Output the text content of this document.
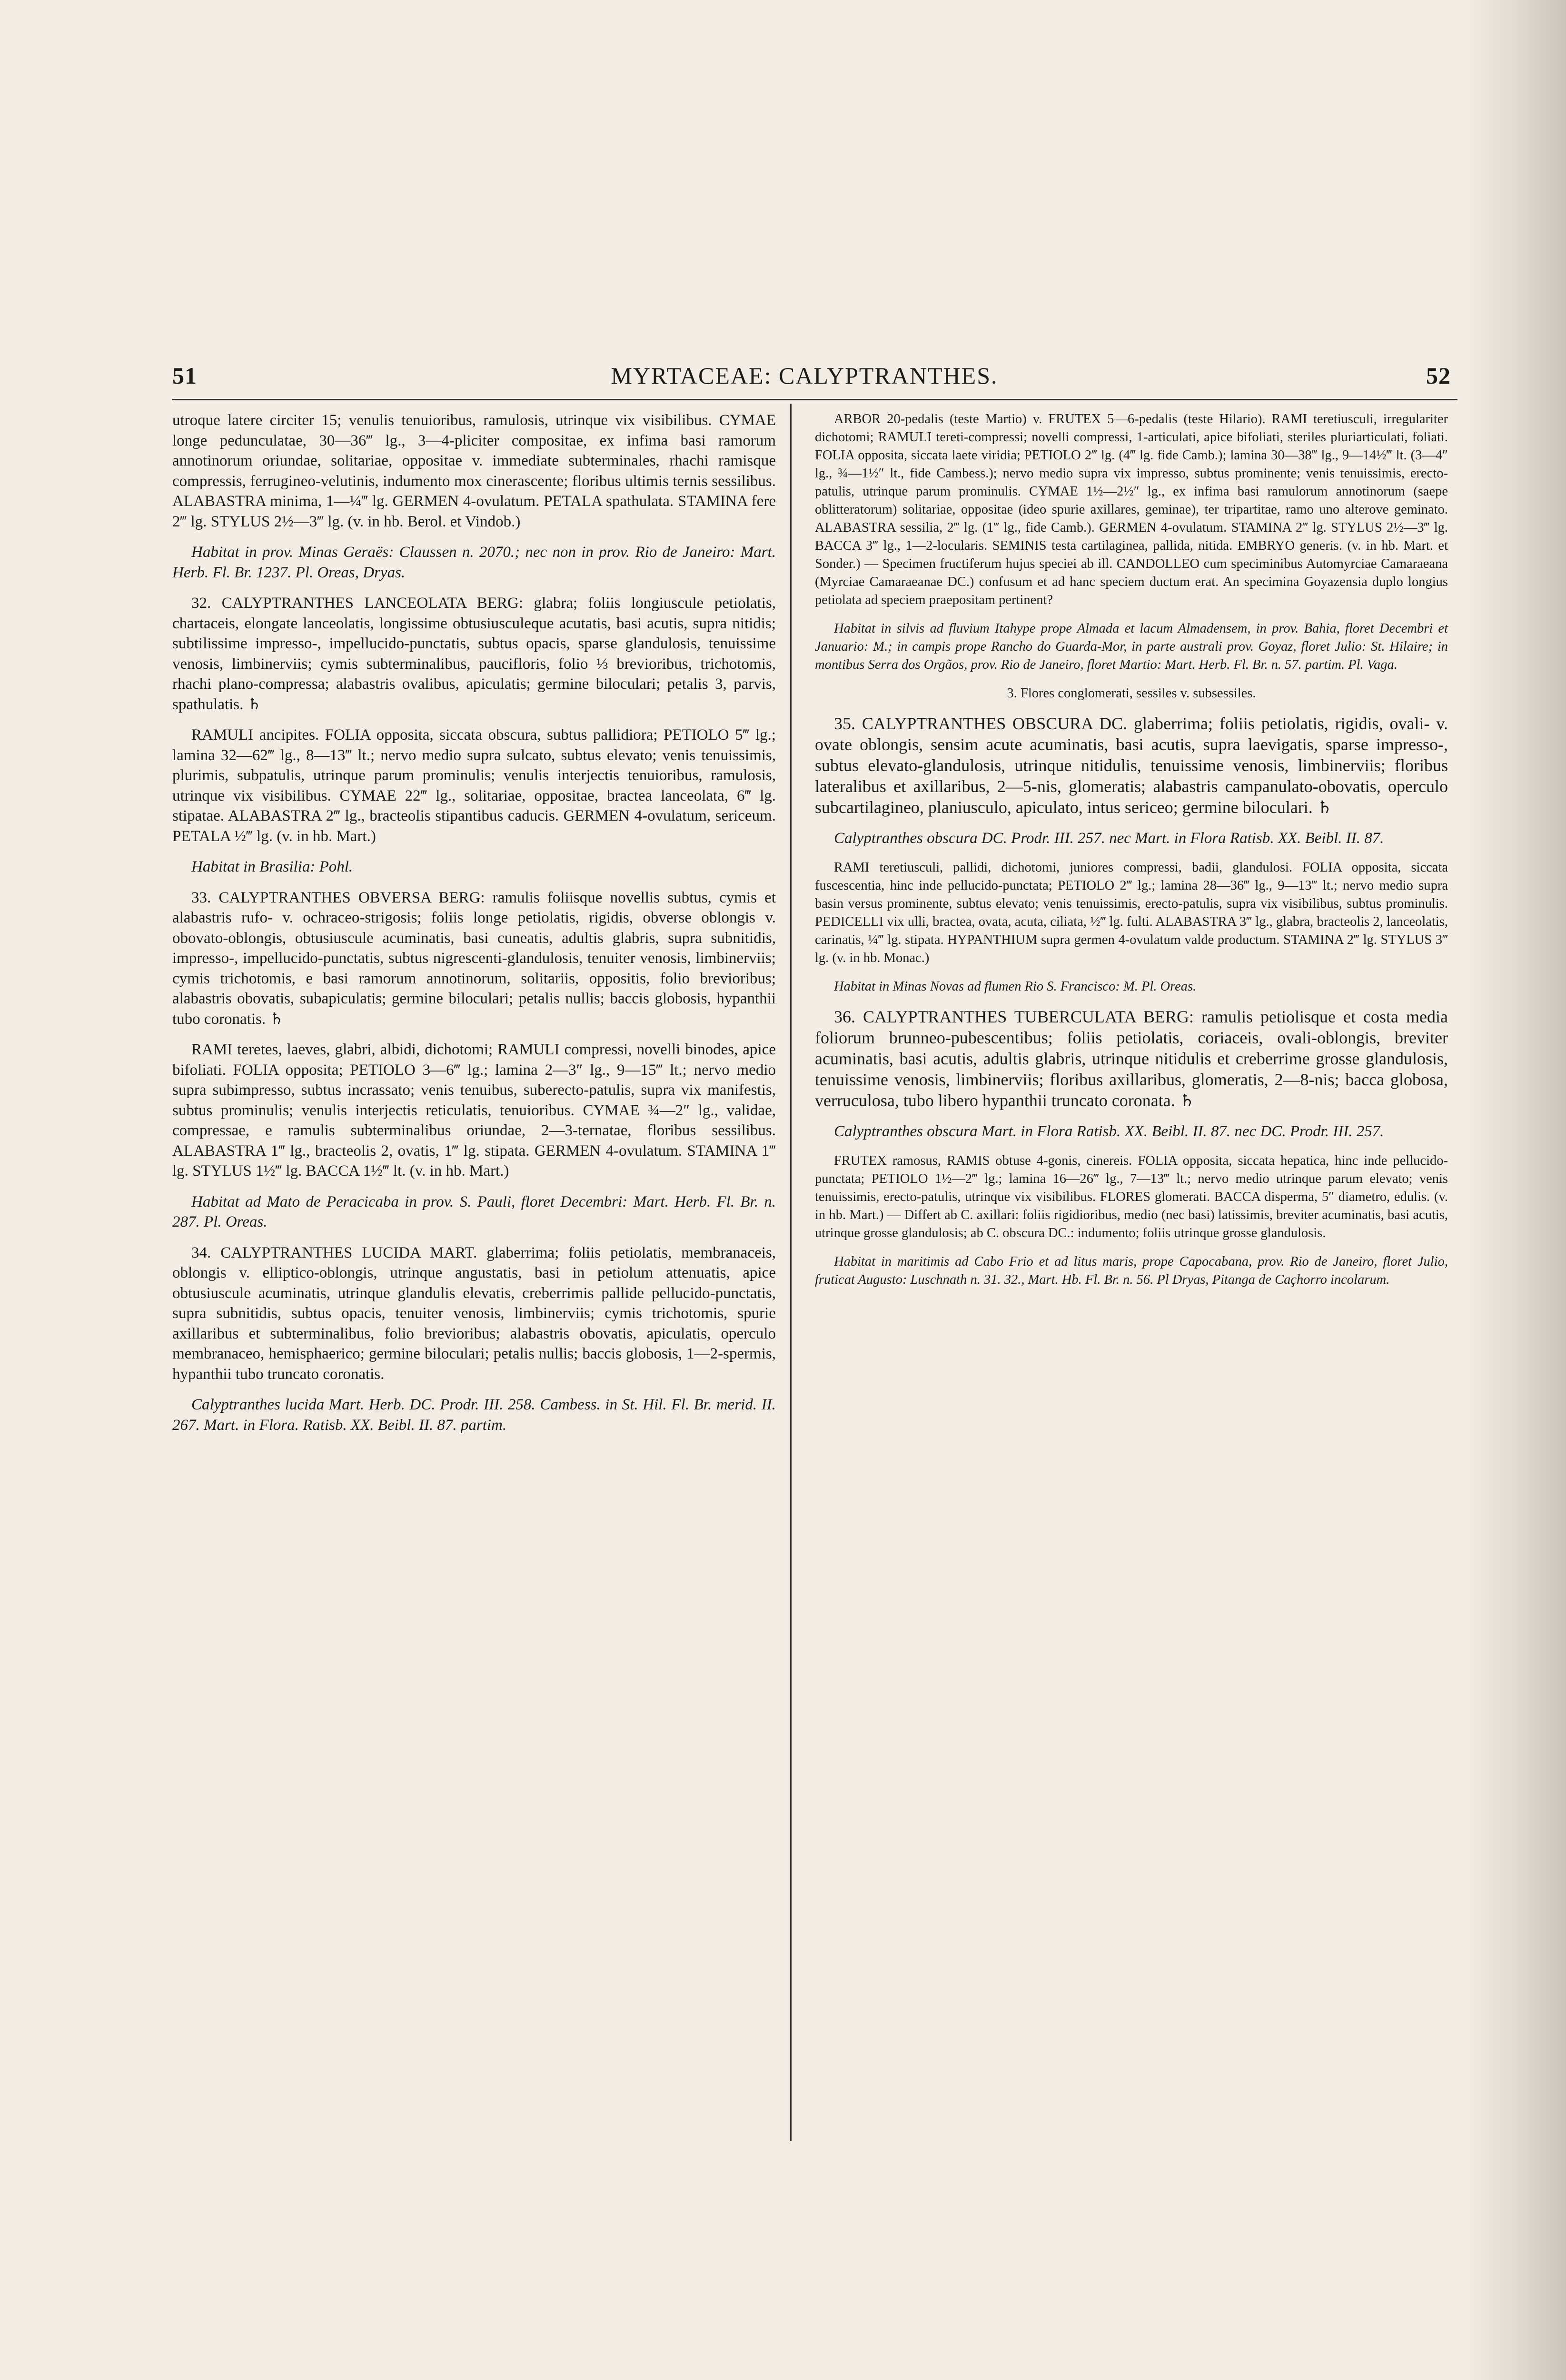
51	MYRTACEAE: CALYPTRANTHES.	52

utroque latere circiter 15; venulis tenuioribus, ramulosis, utrinque vix visibilibus. CYMAE longe pedunculatae, 30—36‴ lg., 3—4-pliciter compositae, ex infima basi ramorum annotinorum oriundae, solitariae, oppositae v. immediate subterminales, rhachi ramisque compressis, ferrugineo-velutinis, indumento mox cinerascente; floribus ultimis ternis sessilibus. ALABASTRA minima, 1—¼‴ lg. GERMEN 4-ovulatum. PETALA spathulata. STAMINA fere 2‴ lg. STYLUS 2½—3‴ lg. (v. in hb. Berol. et Vindob.)

Habitat in prov. Minas Geraës: Claussen n. 2070.; nec non in prov. Rio de Janeiro: Mart. Herb. Fl. Br. 1237. Pl. Oreas, Dryas.

32. CALYPTRANTHES LANCEOLATA BERG: glabra; foliis longiuscule petiolatis, chartaceis, elongate lanceolatis, longissime obtusiusculeque acutatis, basi acutis, supra nitidis; subtilissime impresso-, impellucido-punctatis, subtus opacis, sparse glandulosis, tenuissime venosis, limbinerviis; cymis subterminalibus, paucifloris, folio ⅓ brevioribus, trichotomis, rhachi plano-compressa; alabastris ovalibus, apiculatis; germine biloculari; petalis 3, parvis, spathulatis. ♄

RAMULI ancipites. FOLIA opposita, siccata obscura, subtus pallidiora; PETIOLO 5‴ lg.; lamina 32—62‴ lg., 8—13‴ lt.; nervo medio supra sulcato, subtus elevato; venis tenuissimis, plurimis, subpatulis, utrinque parum prominulis; venulis interjectis tenuioribus, ramulosis, utrinque vix visibilibus. CYMAE 22‴ lg., solitariae, oppositae, bractea lanceolata, 6‴ lg. stipatae. ALABASTRA 2‴ lg., bracteolis stipantibus caducis. GERMEN 4-ovulatum, sericeum. PETALA ½‴ lg. (v. in hb. Mart.)

Habitat in Brasilia: Pohl.

33. CALYPTRANTHES OBVERSA BERG: ramulis foliisque novellis subtus, cymis et alabastris rufo- v. ochraceo-strigosis; foliis longe petiolatis, rigidis, obverse oblongis v. obovato-oblongis, obtusiuscule acuminatis, basi cuneatis, adultis glabris, supra subnitidis, impresso-, impellucido-punctatis, subtus nigrescenti-glandulosis, tenuiter venosis, limbinerviis; cymis trichotomis, e basi ramorum annotinorum, solitariis, oppositis, folio brevioribus; alabastris obovatis, subapiculatis; germine biloculari; petalis nullis; baccis globosis, hypanthii tubo coronatis. ♄

RAMI teretes, laeves, glabri, albidi, dichotomi; RAMULI compressi, novelli binodes, apice bifoliati. FOLIA opposita; PETIOLO 3—6‴ lg.; lamina 2—3″ lg., 9—15‴ lt.; nervo medio supra subimpresso, subtus incrassato; venis tenuibus, suberecto-patulis, supra vix manifestis, subtus prominulis; venulis interjectis reticulatis, tenuioribus. CYMAE ¾—2″ lg., validae, compressae, e ramulis subterminalibus oriundae, 2—3-ternatae, floribus sessilibus. ALABASTRA 1‴ lg., bracteolis 2, ovatis, 1‴ lg. stipata. GERMEN 4-ovulatum. STAMINA 1‴ lg. STYLUS 1½‴ lg. BACCA 1½‴ lt. (v. in hb. Mart.)

Habitat ad Mato de Peracicaba in prov. S. Pauli, floret Decembri: Mart. Herb. Fl. Br. n. 287. Pl. Oreas.

34. CALYPTRANTHES LUCIDA MART. glaberrima; foliis petiolatis, membranaceis, oblongis v. elliptico-oblongis, utrinque angustatis, basi in petiolum attenuatis, apice obtusiuscule acuminatis, utrinque glandulis elevatis, creberrimis pallide pellucido-punctatis, supra subnitidis, subtus opacis, tenuiter venosis, limbinerviis; cymis trichotomis, spurie axillaribus et subterminalibus, folio brevioribus; alabastris obovatis, apiculatis, operculo membranaceo, hemisphaerico; germine biloculari; petalis nullis; baccis globosis, 1—2-spermis, hypanthii tubo truncato coronatis.

Calyptranthes lucida Mart. Herb. DC. Prodr. III. 258. Cambess. in St. Hil. Fl. Br. merid. II. 267. Mart. in Flora. Ratisb. XX. Beibl. II. 87. partim.

ARBOR 20-pedalis (teste Martio) v. FRUTEX 5—6-pedalis (teste Hilario). RAMI teretiusculi, irregulariter dichotomi; RAMULI tereti-compressi; novelli compressi, 1-articulati, apice bifoliati, steriles pluriarticulati, foliati. FOLIA opposita, siccata laete viridia; PETIOLO 2‴ lg. (4‴ lg. fide Camb.); lamina 30—38‴ lg., 9—14½‴ lt. (3—4″ lg., ¾—1½″ lt., fide Cambess.); nervo medio supra vix impresso, subtus prominente; venis tenuissimis, erecto-patulis, utrinque parum prominulis. CYMAE 1½—2½″ lg., ex infima basi ramulorum annotinorum (saepe oblitteratorum) solitariae, oppositae (ideo spurie axillares, geminae), ter tripartitae, ramo uno alterove geminato. ALABASTRA sessilia, 2‴ lg. (1‴ lg., fide Camb.). GERMEN 4-ovulatum. STAMINA 2‴ lg. STYLUS 2½—3‴ lg. BACCA 3‴ lg., 1—2-locularis. SEMINIS testa cartilaginea, pallida, nitida. EMBRYO generis. (v. in hb. Mart. et Sonder.) — Specimen fructiferum hujus speciei ab ill. CANDOLLEO cum speciminibus Automyrciae Camaraeana (Myrciae Camaraeanae DC.) confusum et ad hanc speciem ductum erat. An specimina Goyazensia duplo longius petiolata ad speciem praepositam pertinent?

Habitat in silvis ad fluvium Itahype prope Almada et lacum Almadensem, in prov. Bahia, floret Decembri et Januario: M.; in campis prope Rancho do Guarda-Mor, in parte australi prov. Goyaz, floret Julio: St. Hilaire; in montibus Serra dos Orgãos, prov. Rio de Janeiro, floret Martio: Mart. Herb. Fl. Br. n. 57. partim. Pl. Vaga.

3. Flores conglomerati, sessiles v. subsessiles.

35. CALYPTRANTHES OBSCURA DC. glaberrima; foliis petiolatis, rigidis, ovali- v. ovate oblongis, sensim acute acuminatis, basi acutis, supra laevigatis, sparse impresso-, subtus elevato-glandulosis, utrinque nitidulis, tenuissime venosis, limbinerviis; floribus lateralibus et axillaribus, 2—5-nis, glomeratis; alabastris campanulato-obovatis, operculo subcartilagineo, planiusculo, apiculato, intus sericeo; germine biloculari. ♄

Calyptranthes obscura DC. Prodr. III. 257. nec Mart. in Flora Ratisb. XX. Beibl. II. 87.

RAMI teretiusculi, pallidi, dichotomi, juniores compressi, badii, glandulosi. FOLIA opposita, siccata fuscescentia, hinc inde pellucido-punctata; PETIOLO 2‴ lg.; lamina 28—36‴ lg., 9—13‴ lt.; nervo medio supra basin versus prominente, subtus elevato; venis tenuissimis, erecto-patulis, supra vix visibilibus, subtus prominulis. PEDICELLI vix ulli, bractea, ovata, acuta, ciliata, ½‴ lg. fulti. ALABASTRA 3‴ lg., glabra, bracteolis 2, lanceolatis, carinatis, ¼‴ lg. stipata. HYPANTHIUM supra germen 4-ovulatum valde productum. STAMINA 2‴ lg. STYLUS 3‴ lg. (v. in hb. Monac.)

Habitat in Minas Novas ad flumen Rio S. Francisco: M. Pl. Oreas.

36. CALYPTRANTHES TUBERCULATA BERG: ramulis petiolisque et costa media foliorum brunneo-pubescentibus; foliis petiolatis, coriaceis, ovali-oblongis, breviter acuminatis, basi acutis, adultis glabris, utrinque nitidulis et creberrime grosse glandulosis, tenuissime venosis, limbinerviis; floribus axillaribus, glomeratis, 2—8-nis; bacca globosa, verruculosa, tubo libero hypanthii truncato coronata. ♄

Calyptranthes obscura Mart. in Flora Ratisb. XX. Beibl. II. 87. nec DC. Prodr. III. 257.

FRUTEX ramosus, RAMIS obtuse 4-gonis, cinereis. FOLIA opposita, siccata hepatica, hinc inde pellucido-punctata; PETIOLO 1½—2‴ lg.; lamina 16—26‴ lg., 7—13‴ lt.; nervo medio utrinque parum elevato; venis tenuissimis, erecto-patulis, utrinque vix visibilibus. FLORES glomerati. BACCA disperma, 5″ diametro, edulis. (v. in hb. Mart.) — Differt ab C. axillari: foliis rigidioribus, medio (nec basi) latissimis, breviter acuminatis, basi acutis, utrinque grosse glandulosis; ab C. obscura DC.: indumento; foliis utrinque grosse glandulosis.

Habitat in maritimis ad Cabo Frio et ad litus maris, prope Capocabana, prov. Rio de Janeiro, floret Julio, fruticat Augusto: Luschnath n. 31. 32., Mart. Hb. Fl. Br. n. 56. Pl Dryas, Pitanga de Caçhorro incolarum.
